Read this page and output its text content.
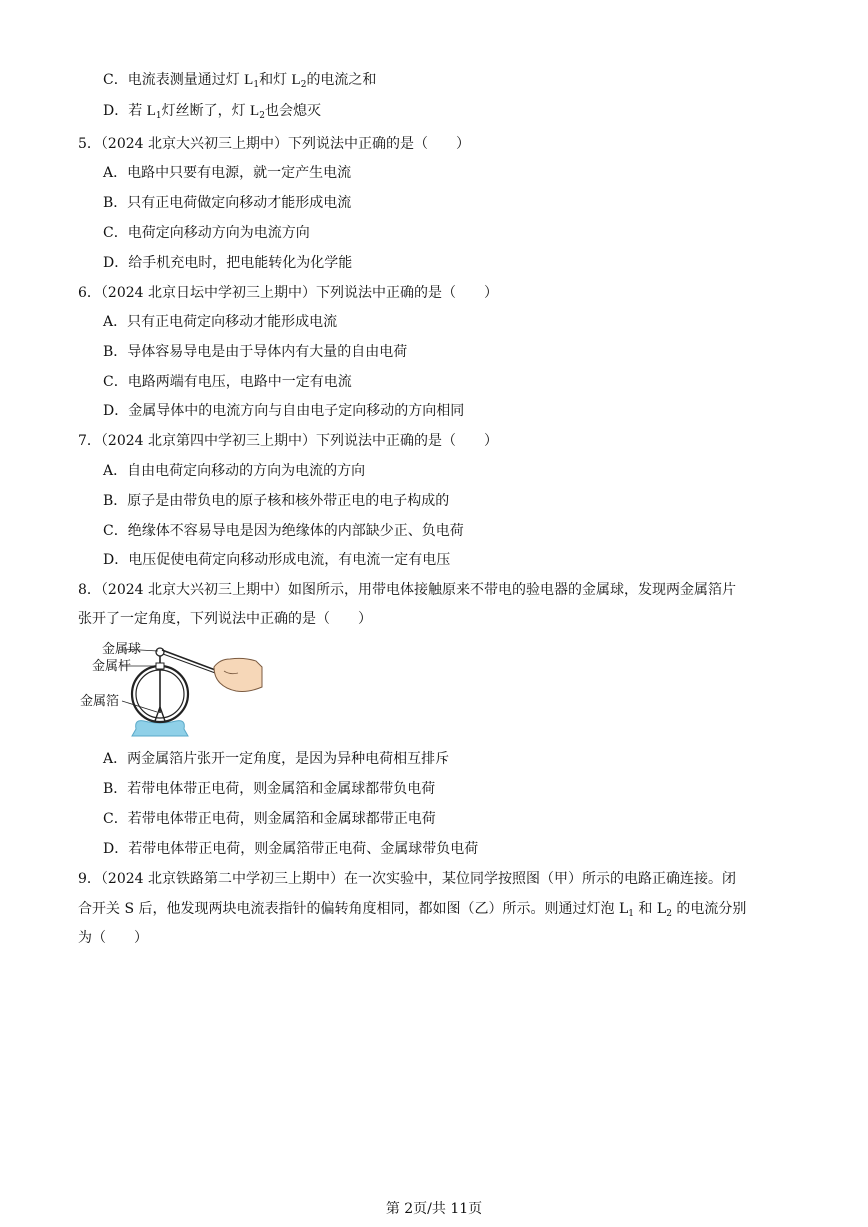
C．电流表测量通过灯 $L_1$和灯 $L_2$的电流之和
D．若 $L_1$灯丝断了，灯 $L_2$也会熄灭
5．（2024 北京大兴初三上期中）下列说法中正确的是（　　）
A．电路中只要有电源，就一定产生电流
B．只有正电荷做定向移动才能形成电流
C．电荷定向移动方向为电流方向
D．给手机充电时，把电能转化为化学能
6．（2024 北京日坛中学初三上期中）下列说法中正确的是（　　）
A．只有正电荷定向移动才能形成电流
B．导体容易导电是由于导体内有大量的自由电荷
C．电路两端有电压，电路中一定有电流
D．金属导体中的电流方向与自由电子定向移动的方向相同
7．（2024 北京第四中学初三上期中）下列说法中正确的是（　　）
A．自由电荷定向移动的方向为电流的方向
B．原子是由带负电的原子核和核外带正电的电子构成的
C．绝缘体不容易导电是因为绝缘体的内部缺少正、负电荷
D．电压促使电荷定向移动形成电流，有电流一定有电压
8．（2024 北京大兴初三上期中）如图所示，用带电体接触原来不带电的验电器的金属球，发现两金属箔片
张开了一定角度，下列说法中正确的是（　　）
金属球
金属杆
金属箔
A．两金属箔片张开一定角度，是因为异种电荷相互排斥
B．若带电体带正电荷，则金属箔和金属球都带负电荷
C．若带电体带正电荷，则金属箔和金属球都带正电荷
D．若带电体带正电荷，则金属箔带正电荷、金属球带负电荷
9．（2024 北京铁路第二中学初三上期中）在一次实验中，某位同学按照图（甲）所示的电路正确连接。闭
合开关 S 后，他发现两块电流表指针的偏转角度相同，都如图（乙）所示。则通过灯泡 $L_1$ 和 $L_2$ 的电流分别
为（　　）
第 2页/共 11页
